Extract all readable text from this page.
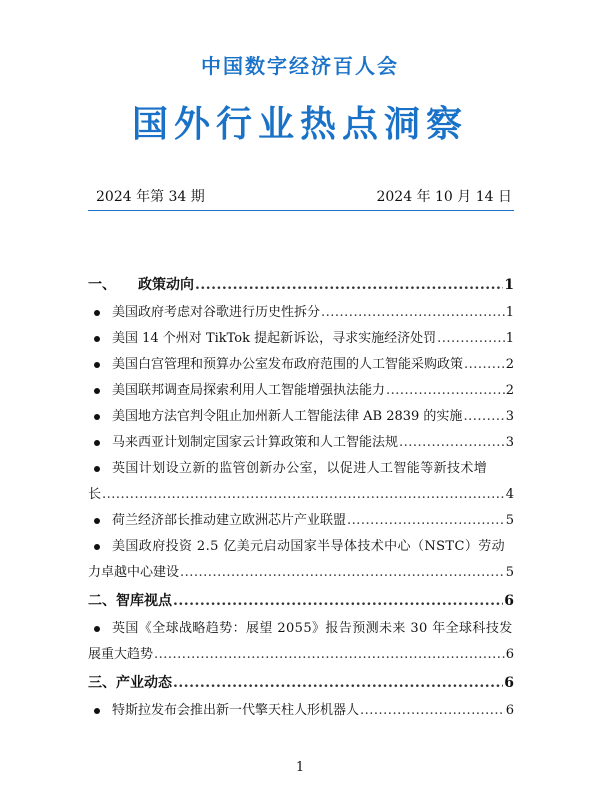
中国数字经济百人会
国外行业热点洞察
2024 年第 34 期	2024 年 10 月 14 日
一、 政策动向 .....	1
美国政府考虑对谷歌进行历史性拆分 .....	1
美国 14 个州对 TikTok 提起新诉讼，寻求实施经济处罚 .....	1
美国白宫管理和预算办公室发布政府范围的人工智能采购政策 .....	2
美国联邦调查局探索利用人工智能增强执法能力 .....	2
美国地方法官判令阻止加州新人工智能法律 AB 2839 的实施 .....	3
马来西亚计划制定国家云计算政策和人工智能法规 .....	3
英国计划设立新的监管创新办公室，以促进人工智能等新技术增
长 .....	4
荷兰经济部长推动建立欧洲芯片产业联盟 .....	5
美国政府投资 2.5 亿美元启动国家半导体技术中心（NSTC）劳动
力卓越中心建设 .....	5
二、智库视点 .....	6
英国《全球战略趋势：展望 2055》报告预测未来 30 年全球科技发
展重大趋势 .....	6
三、产业动态 .....	6
特斯拉发布会推出新一代擎天柱人形机器人 .....	6
1
